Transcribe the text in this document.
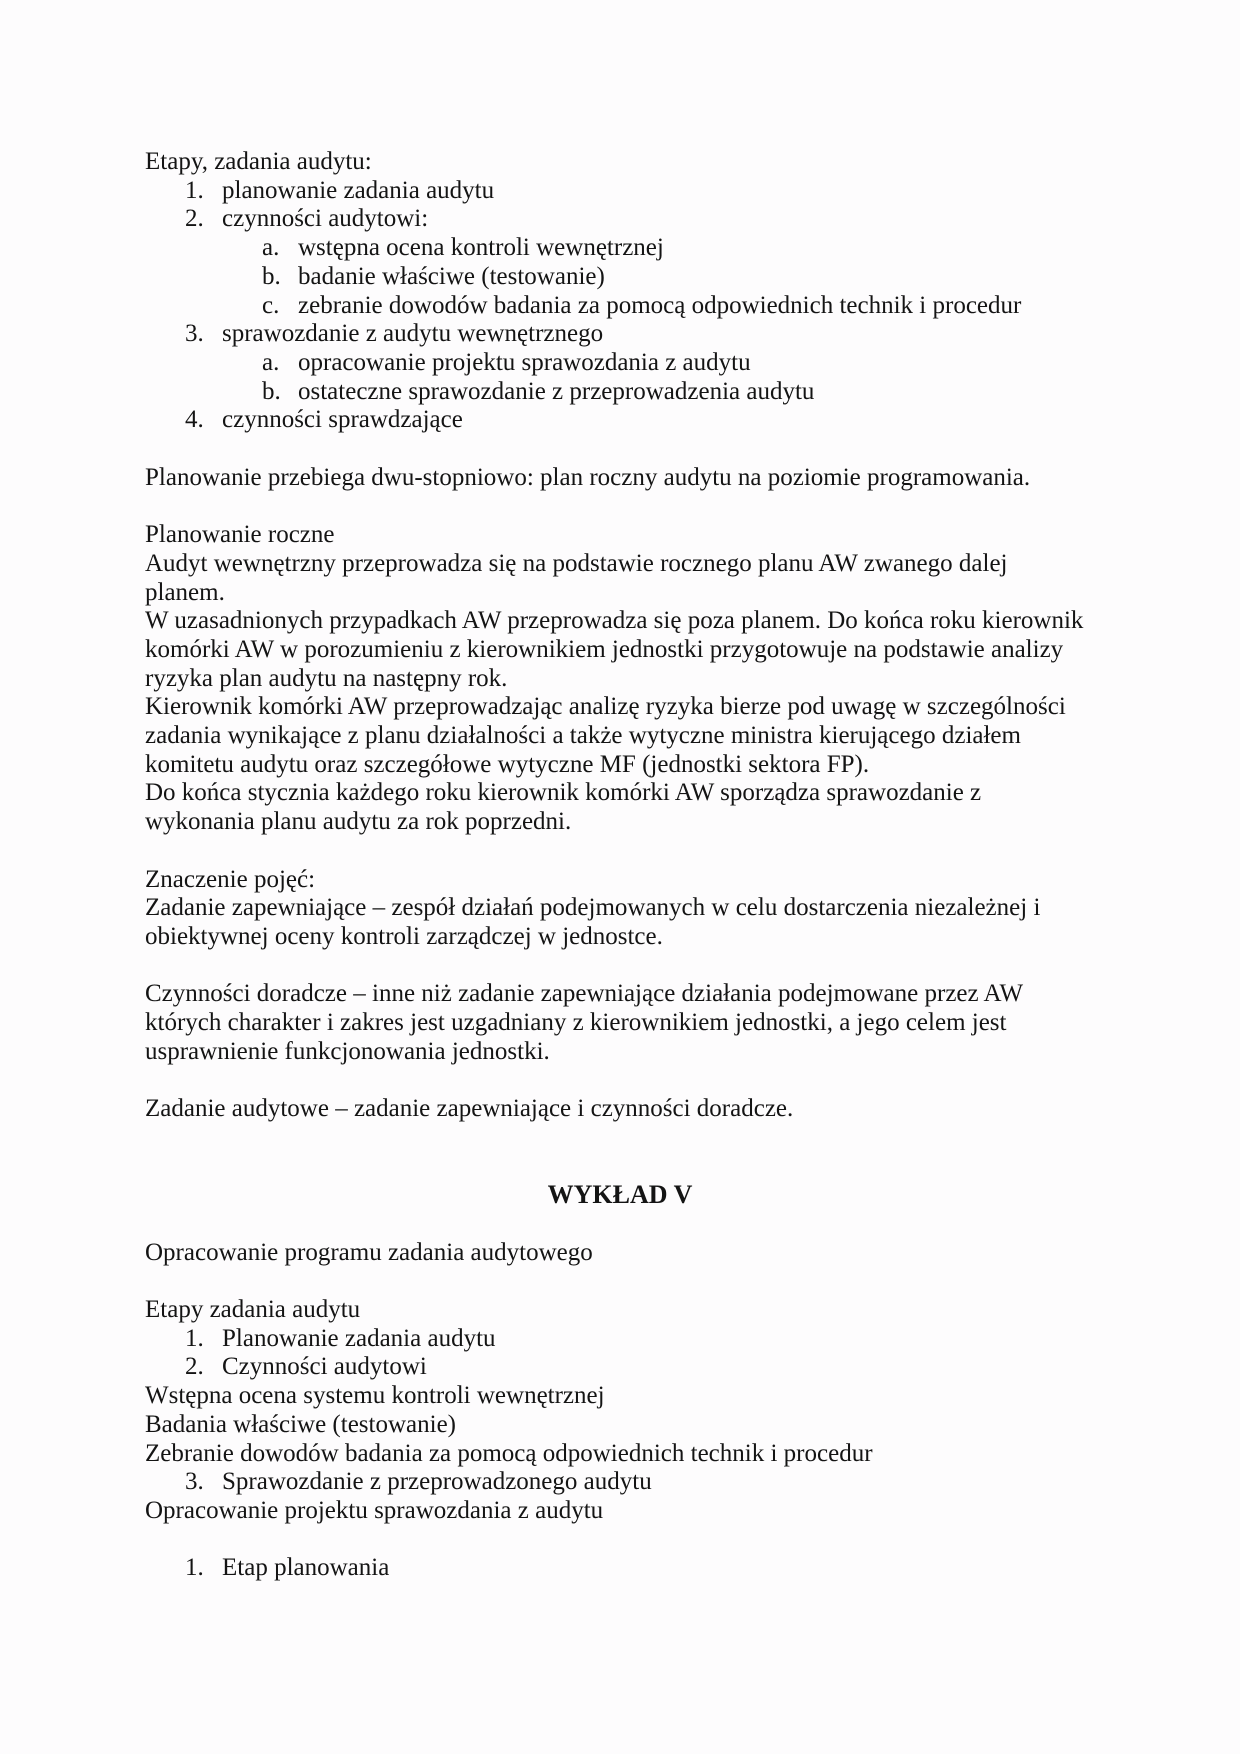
Etapy, zadania audytu:
1. planowanie zadania audytu
2. czynności audytowi:
a. wstępna ocena kontroli wewnętrznej
b. badanie właściwe (testowanie)
c. zebranie dowodów badania za pomocą odpowiednich technik i procedur
3. sprawozdanie z audytu wewnętrznego
a. opracowanie projektu sprawozdania z audytu
b. ostateczne sprawozdanie z przeprowadzenia audytu
4. czynności sprawdzające
Planowanie przebiega dwu-stopniowo: plan roczny audytu na poziomie programowania.
Planowanie roczne
Audyt wewnętrzny przeprowadza się na podstawie rocznego planu AW zwanego dalej
planem.
W uzasadnionych przypadkach AW przeprowadza się poza planem. Do końca roku kierownik
komórki AW w porozumieniu z kierownikiem jednostki przygotowuje na podstawie analizy
ryzyka plan audytu na następny rok.
Kierownik komórki AW przeprowadzając analizę ryzyka bierze pod uwagę w szczególności
zadania wynikające z planu działalności a także wytyczne ministra kierującego działem
komitetu audytu oraz szczegółowe wytyczne MF (jednostki sektora FP).
Do końca stycznia każdego roku kierownik komórki AW sporządza sprawozdanie z
wykonania planu audytu za rok poprzedni.
Znaczenie pojęć:
Zadanie zapewniające – zespół działań podejmowanych w celu dostarczenia niezależnej i
obiektywnej oceny kontroli zarządczej w jednostce.
Czynności doradcze – inne niż zadanie zapewniające działania podejmowane przez AW
których charakter i zakres jest uzgadniany z kierownikiem jednostki, a jego celem jest
usprawnienie funkcjonowania jednostki.
Zadanie audytowe – zadanie zapewniające i czynności doradcze.
WYKŁAD V
Opracowanie programu zadania audytowego
Etapy zadania audytu
1. Planowanie zadania audytu
2. Czynności audytowi
Wstępna ocena systemu kontroli wewnętrznej
Badania właściwe (testowanie)
Zebranie dowodów badania za pomocą odpowiednich technik i procedur
3. Sprawozdanie z przeprowadzonego audytu
Opracowanie projektu sprawozdania z audytu
1. Etap planowania
